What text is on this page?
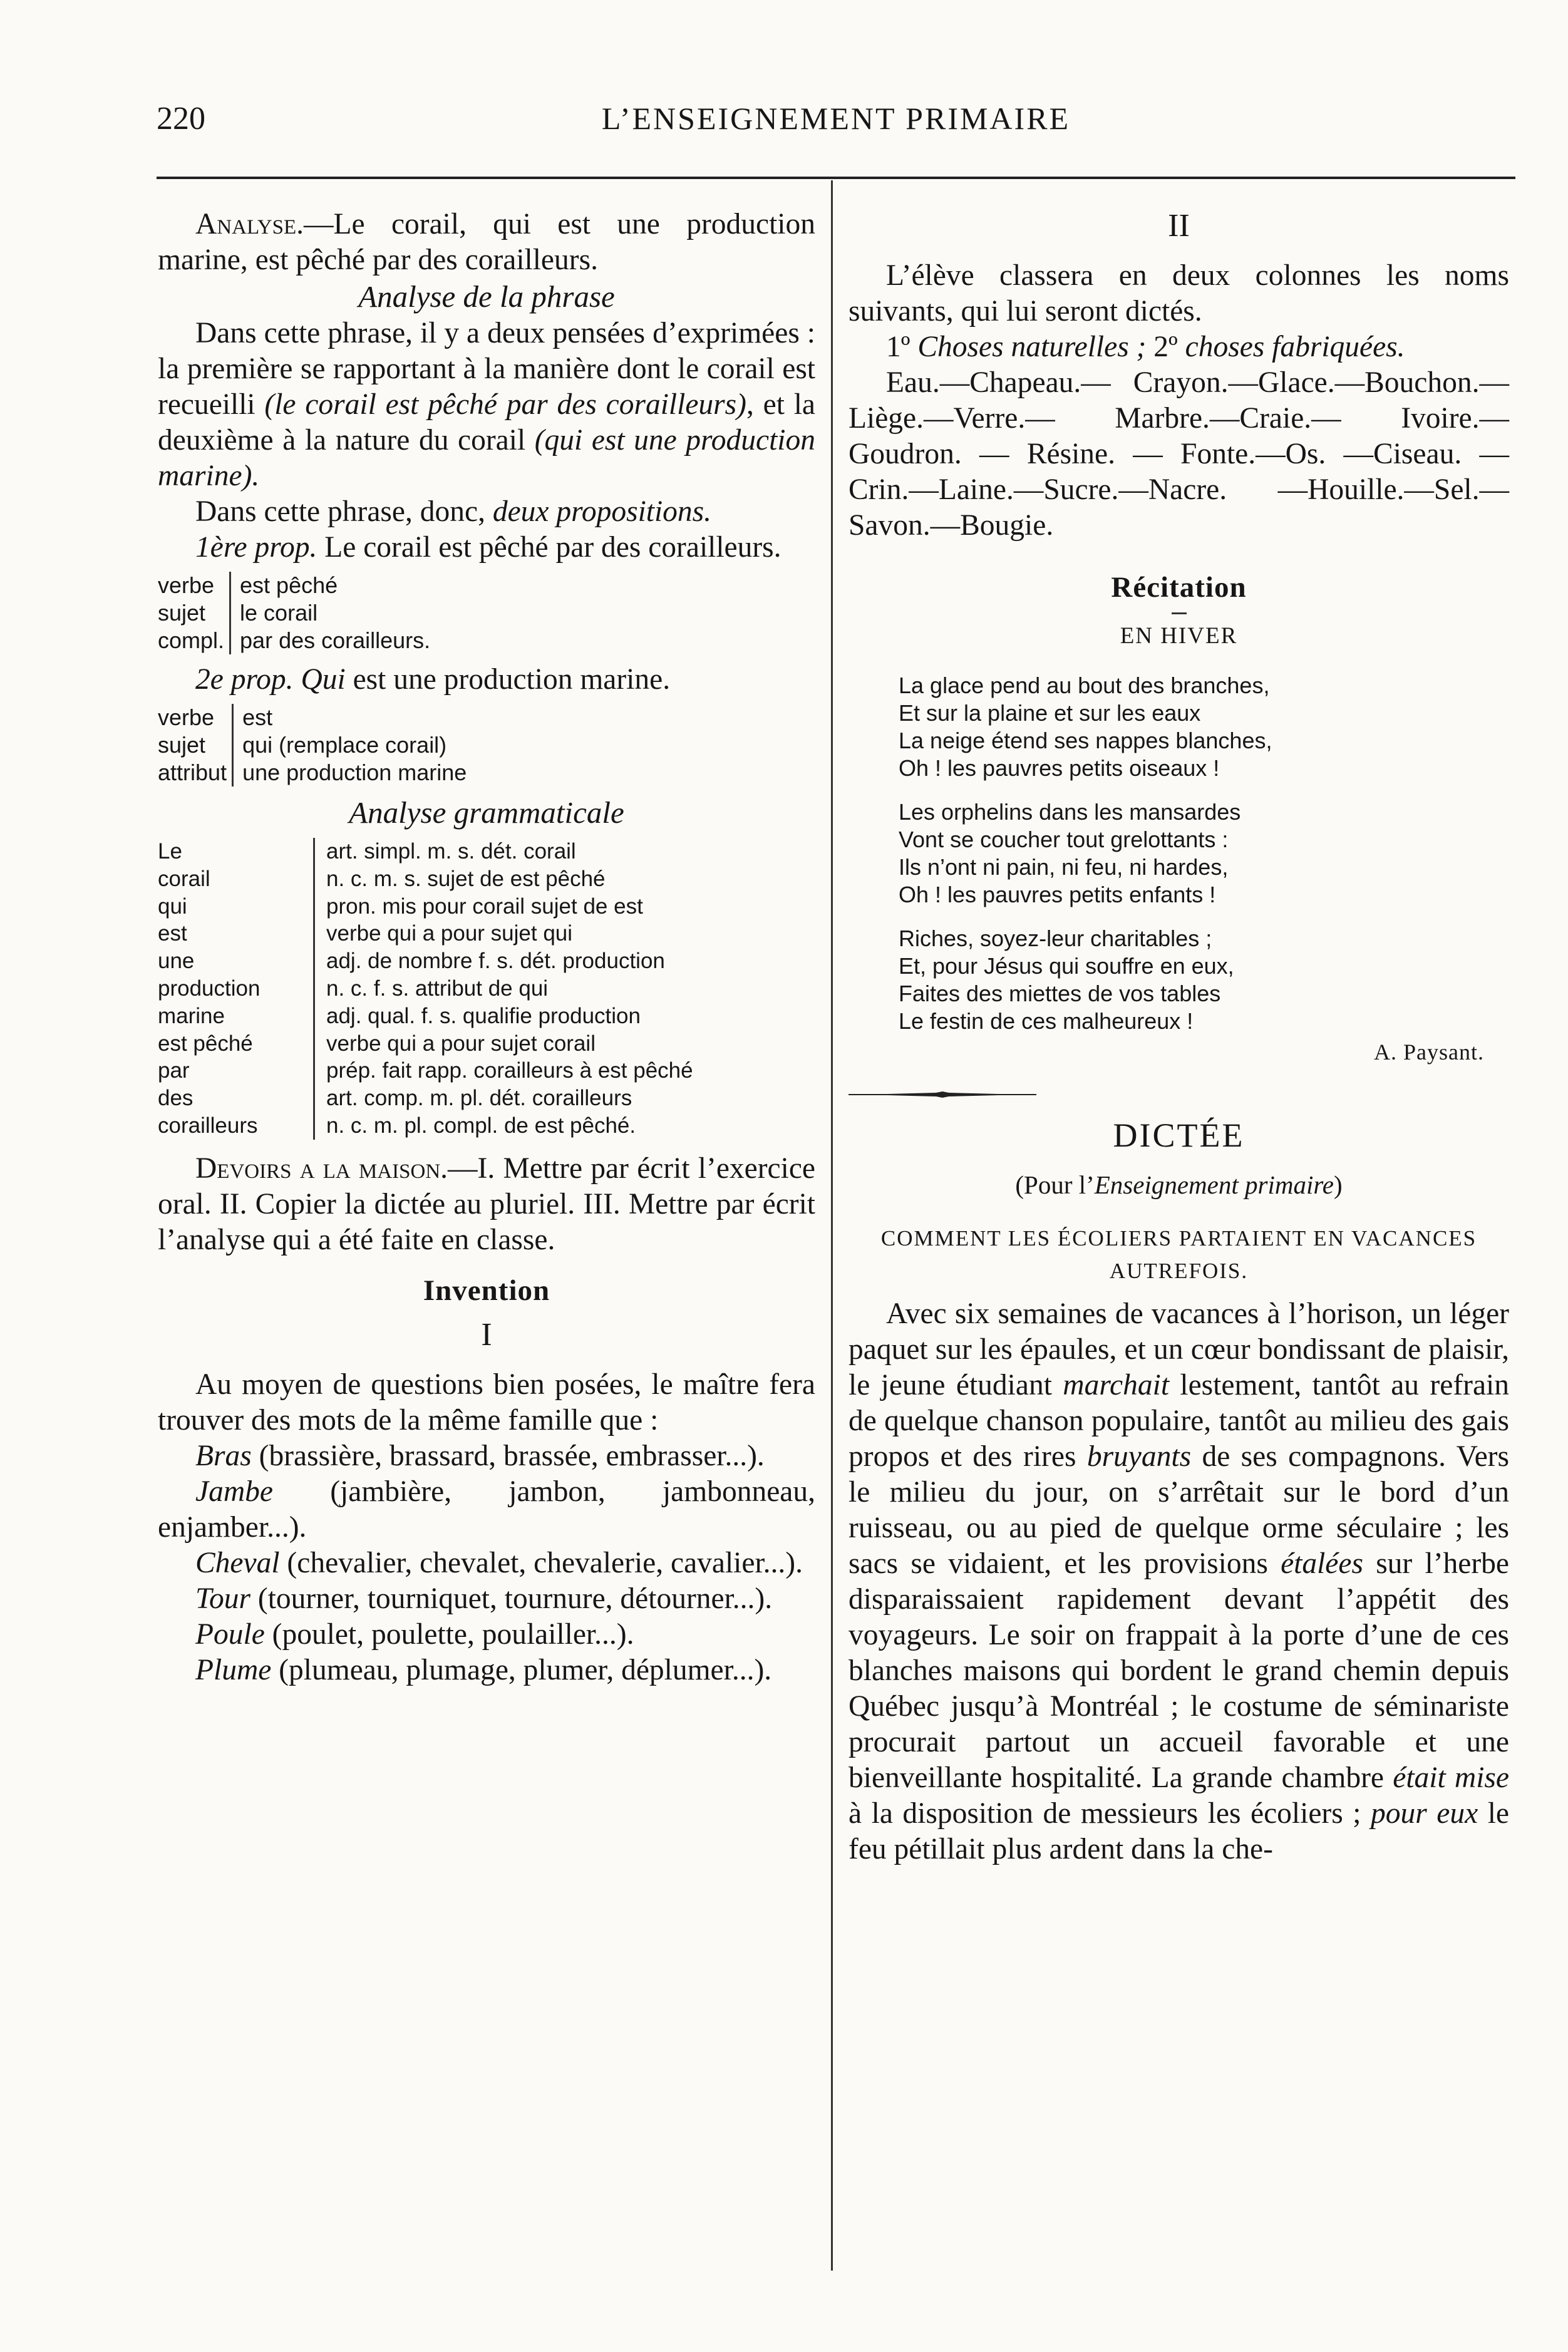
220	L’ENSEIGNEMENT PRIMAIRE

Analyse.—Le corail, qui est une production marine, est pêché par des corailleurs.

Analyse de la phrase

Dans cette phrase, il y a deux pensées d’exprimées : la première se rapportant à la manière dont le corail est recueilli (le corail est pêché par des corailleurs), et la deuxième à la nature du corail (qui est une production marine).

Dans cette phrase, donc, deux propositions.

1ère prop. Le corail est pêché par des corailleurs.

verbe	est pêché
sujet	le corail
compl.	par des corailleurs.

2e prop. Qui est une production marine.

verbe	est
sujet	qui (remplace corail)
attribut	une production marine

Analyse grammaticale

Le	art. simpl. m. s. dét. corail
corail	n. c. m. s. sujet de est pêché
qui	pron. mis pour corail sujet de est
est	verbe qui a pour sujet qui
une	adj. de nombre f. s. dét. production
production	n. c. f. s. attribut de qui
marine	adj. qual. f. s. qualifie production
est pêché	verbe qui a pour sujet corail
par	prép. fait rapp. corailleurs à est pêché
des	art. comp. m. pl. dét. corailleurs
corailleurs	n. c. m. pl. compl. de est pêché.

Devoirs a la maison.—I. Mettre par écrit l’exercice oral. II. Copier la dictée au pluriel. III. Mettre par écrit l’analyse qui a été faite en classe.

Invention

I

Au moyen de questions bien posées, le maître fera trouver des mots de la même famille que :

Bras (brassière, brassard, brassée, embrasser...).

Jambe (jambière, jambon, jambonneau, enjamber...).

Cheval (chevalier, chevalet, chevalerie, cavalier...).

Tour (tourner, tourniquet, tournure, détourner...).

Poule (poulet, poulette, poulailler...).

Plume (plumeau, plumage, plumer, déplumer...).

II

L’élève classera en deux colonnes les noms suivants, qui lui seront dictés.

1º Choses naturelles ; 2º choses fabriquées.

Eau.—Chapeau.— Crayon.—Glace.—Bouchon.— Liège.—Verre.— Marbre.—Craie.— Ivoire.—Goudron. — Résine. — Fonte.—Os. —Ciseau. — Crin.—Laine.—Sucre.—Nacre. —Houille.—Sel.—Savon.—Bougie.

Récitation

EN HIVER

La glace pend au bout des branches,
Et sur la plaine et sur les eaux
La neige étend ses nappes blanches,
Oh ! les pauvres petits oiseaux !
Les orphelins dans les mansardes
Vont se coucher tout grelottants :
Ils n’ont ni pain, ni feu, ni hardes,
Oh ! les pauvres petits enfants !
Riches, soyez-leur charitables ;
Et, pour Jésus qui souffre en eux,
Faites des miettes de vos tables
Le festin de ces malheureux !

A. Paysant.

DICTÉE

(Pour l’Enseignement primaire)

COMMENT LES ÉCOLIERS PARTAIENT EN VACANCES AUTREFOIS.

Avec six semaines de vacances à l’horison, un léger paquet sur les épaules, et un cœur bondissant de plaisir, le jeune étudiant marchait lestement, tantôt au refrain de quelque chanson populaire, tantôt au milieu des gais propos et des rires bruyants de ses compagnons. Vers le milieu du jour, on s’arrêtait sur le bord d’un ruisseau, ou au pied de quelque orme séculaire ; les sacs se vidaient, et les provisions étalées sur l’herbe disparaissaient rapidement devant l’appétit des voyageurs. Le soir on frappait à la porte d’une de ces blanches maisons qui bordent le grand chemin depuis Québec jusqu’à Montréal ; le costume de séminariste procurait partout un accueil favorable et une bienveillante hospitalité. La grande chambre était mise à la disposition de messieurs les écoliers ; pour eux le feu pétillait plus ardent dans la che-
